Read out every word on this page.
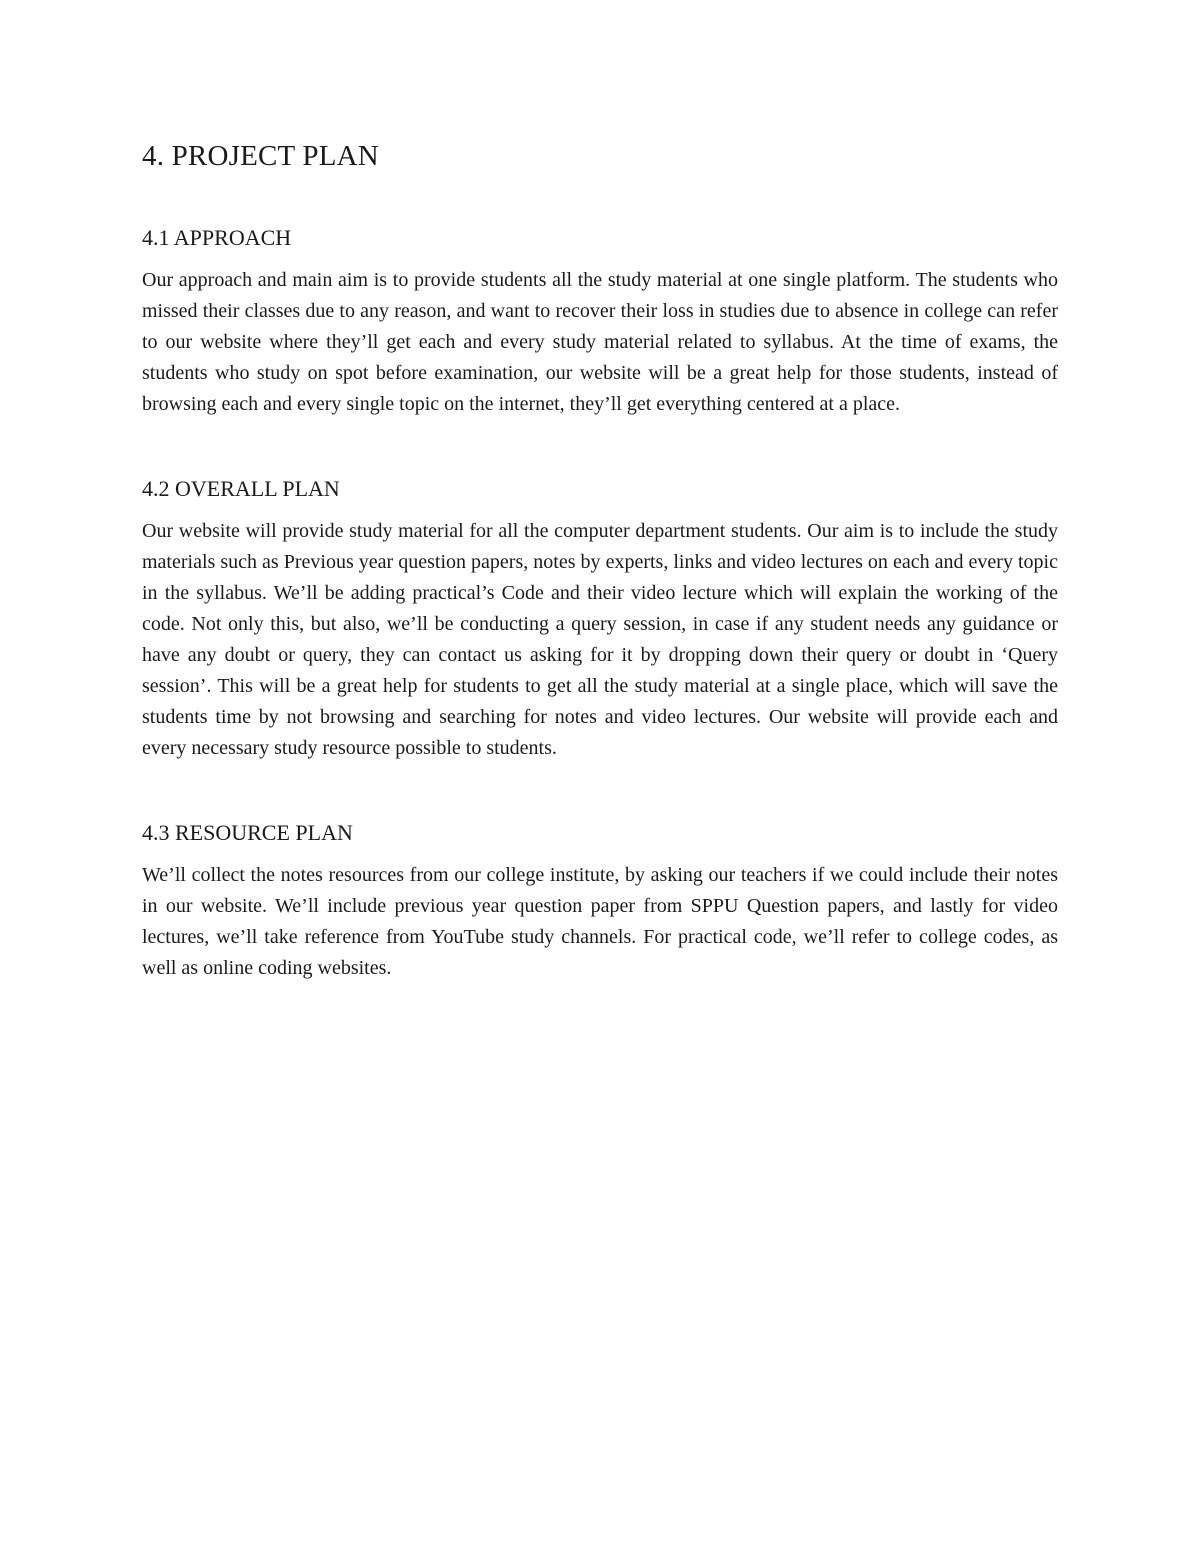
4. PROJECT PLAN
4.1 APPROACH

Our approach and main aim is to provide students all the study material at one single platform. The students who missed their classes due to any reason, and want to recover their loss in studies due to absence in college can refer to our website where they’ll get each and every study material related to syllabus. At the time of exams, the students who study on spot before examination, our website will be a great help for those students, instead of browsing each and every single topic on the internet, they’ll get everything centered at a place.

4.2 OVERALL PLAN

Our website will provide study material for all the computer department students. Our aim is to include the study materials such as Previous year question papers, notes by experts, links and video lectures on each and every topic in the syllabus. We’ll be adding practical’s Code and their video lecture which will explain the working of the code. Not only this, but also, we’ll be conducting a query session, in case if any student needs any guidance or have any doubt or query, they can contact us asking for it by dropping down their query or doubt in ‘Query session’. This will be a great help for students to get all the study material at a single place, which will save the students time by not browsing and searching for notes and video lectures. Our website will provide each and every necessary study resource possible to students.

4.3 RESOURCE PLAN

We’ll collect the notes resources from our college institute, by asking our teachers if we could include their notes in our website. We’ll include previous year question paper from SPPU Question papers, and lastly for video lectures, we’ll take reference from YouTube study channels. For practical code, we’ll refer to college codes, as well as online coding websites.
